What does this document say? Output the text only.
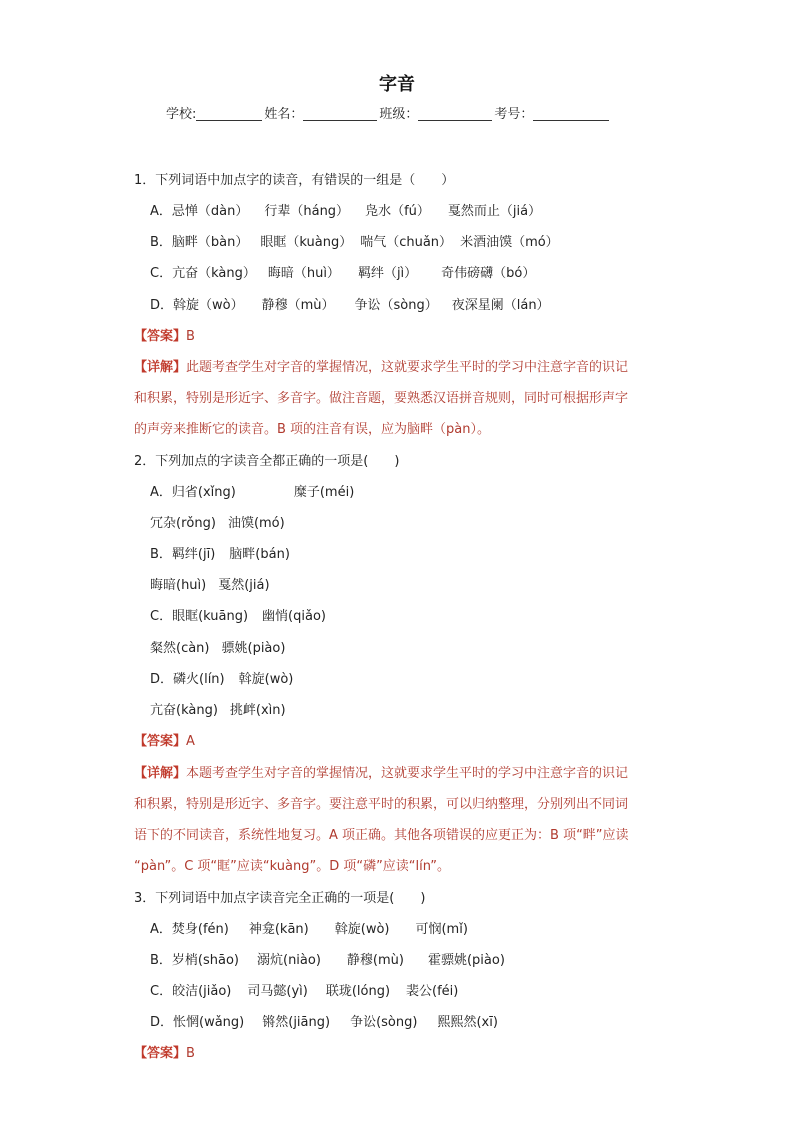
字音
学校:	姓名：	班级：	考号：
1．下列词语中加点字的读音，有错误的一组是（　　）
A．忌惮（dàn） 行辈（háng） 凫水（fú） 戛然而止（jiá）
B．脑畔（bàn） 眼眶（kuàng） 喘气（chuǎn） 米酒油馍（mó）
C．亢奋（kàng） 晦暗（huì） 羁绊（jì） 奇伟磅礴（bó）
D．斡旋（wò） 静穆（mù） 争讼（sòng） 夜深星阑（lán）
【答案】B
【详解】此题考查学生对字音的掌握情况，这就要求学生平时的学习中注意字音的识记
和积累，特别是形近字、多音字。做注音题，要熟悉汉语拼音规则，同时可根据形声字
的声旁来推断它的读音。B 项的注音有误，应为脑畔（pàn）。
2．下列加点的字读音全都正确的一项是(　　)
A．归省(xǐng)	糜子(méi)
冗杂(rǒng) 油馍(mó)
B．羁绊(jī) 脑畔(bán)
晦暗(huì) 戛然(jiá)
C．眼眶(kuāng) 幽悄(qiǎo)
粲然(càn) 骠姚(piào)
D．磷火(lín) 斡旋(wò)
亢奋(kàng) 挑衅(xìn)
【答案】A
【详解】本题考查学生对字音的掌握情况，这就要求学生平时的学习中注意字音的识记
和积累，特别是形近字、多音字。要注意平时的积累，可以归纳整理，分别列出不同词
语下的不同读音，系统性地复习。A 项正确。其他各项错误的应更正为：B 项“畔”应读
“pàn”。C 项“眶”应读“kuàng”。D 项“磷”应读“lín”。
3．下列词语中加点字读音完全正确的一项是(　　)
A．焚身(fén) 神龛(kān) 斡旋(wò) 可悯(mǐ)
B．岁梢(shāo) 溺炕(niào) 静穆(mù) 霍骠姚(piào)
C．皎洁(jiǎo) 司马懿(yì) 联珑(lóng) 裴公(féi)
D．怅惘(wǎng) 锵然(jiāng) 争讼(sòng) 熙熙然(xī)
【答案】B
